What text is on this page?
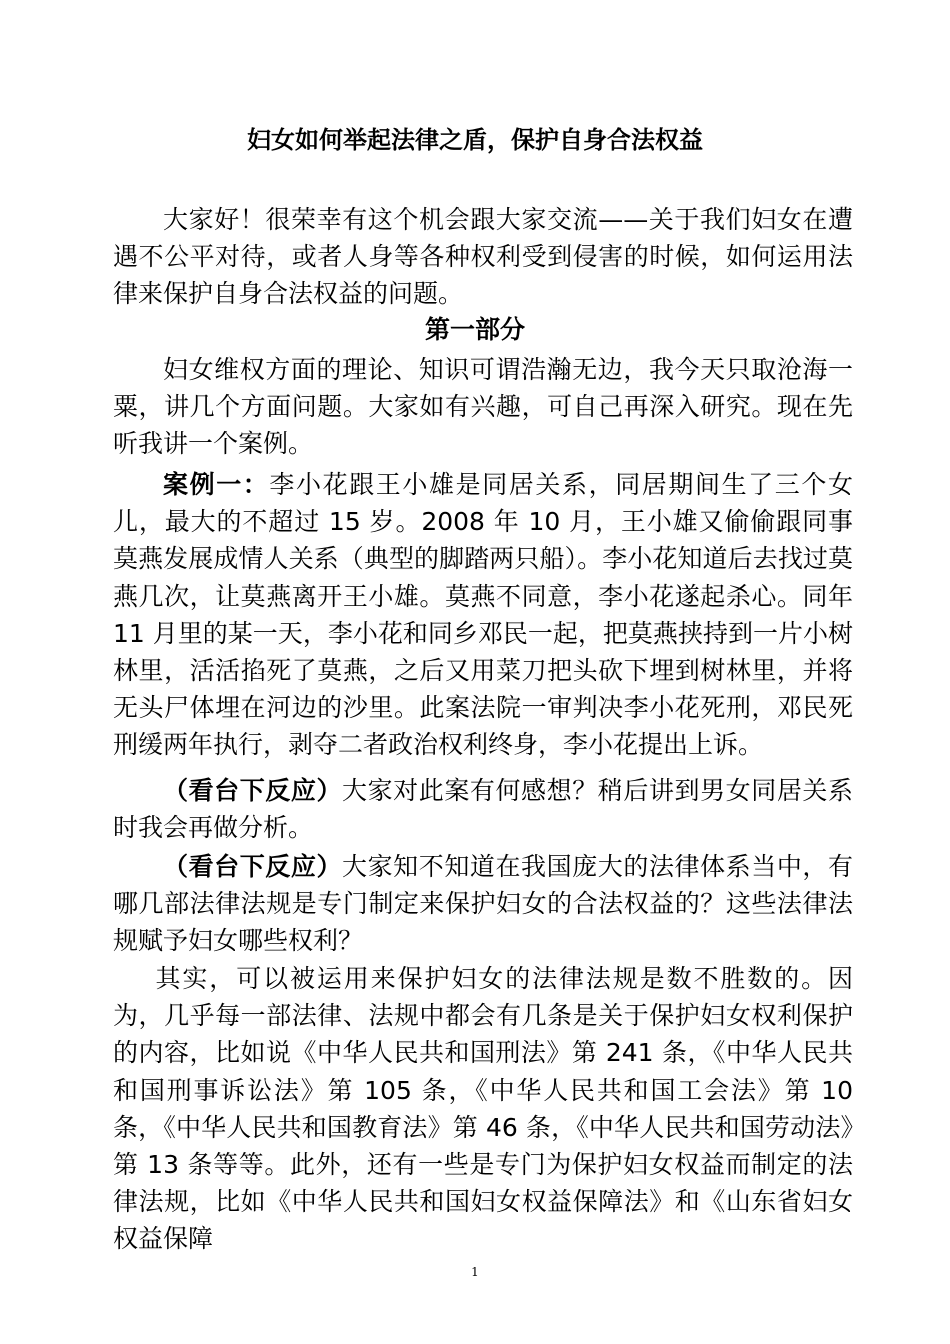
妇女如何举起法律之盾，保护自身合法权益

大家好！很荣幸有这个机会跟大家交流——关于我们妇女在遭遇不公平对待，或者人身等各种权利受到侵害的时候，如何运用法律来保护自身合法权益的问题。

第一部分

妇女维权方面的理论、知识可谓浩瀚无边，我今天只取沧海一粟，讲几个方面问题。大家如有兴趣，可自己再深入研究。现在先听我讲一个案例。

案例一：李小花跟王小雄是同居关系，同居期间生了三个女儿，最大的不超过 15 岁。2008 年 10 月，王小雄又偷偷跟同事莫燕发展成情人关系（典型的脚踏两只船）。李小花知道后去找过莫燕几次，让莫燕离开王小雄。莫燕不同意，李小花遂起杀心。同年 11 月里的某一天，李小花和同乡邓民一起，把莫燕挟持到一片小树林里，活活掐死了莫燕，之后又用菜刀把头砍下埋到树林里，并将无头尸体埋在河边的沙里。此案法院一审判决李小花死刑，邓民死刑缓两年执行，剥夺二者政治权利终身，李小花提出上诉。

（看台下反应）大家对此案有何感想？稍后讲到男女同居关系时我会再做分析。

（看台下反应）大家知不知道在我国庞大的法律体系当中，有哪几部法律法规是专门制定来保护妇女的合法权益的？这些法律法规赋予妇女哪些权利？

其实，可以被运用来保护妇女的法律法规是数不胜数的。因为，几乎每一部法律、法规中都会有几条是关于保护妇女权利保护的内容，比如说《中华人民共和国刑法》第 241 条，《中华人民共和国刑事诉讼法》第 105 条，《中华人民共和国工会法》第 10 条，《中华人民共和国教育法》第 46 条，《中华人民共和国劳动法》第 13 条等等。此外，还有一些是专门为保护妇女权益而制定的法律法规，比如《中华人民共和国妇女权益保障法》和《山东省妇女权益保障

1
